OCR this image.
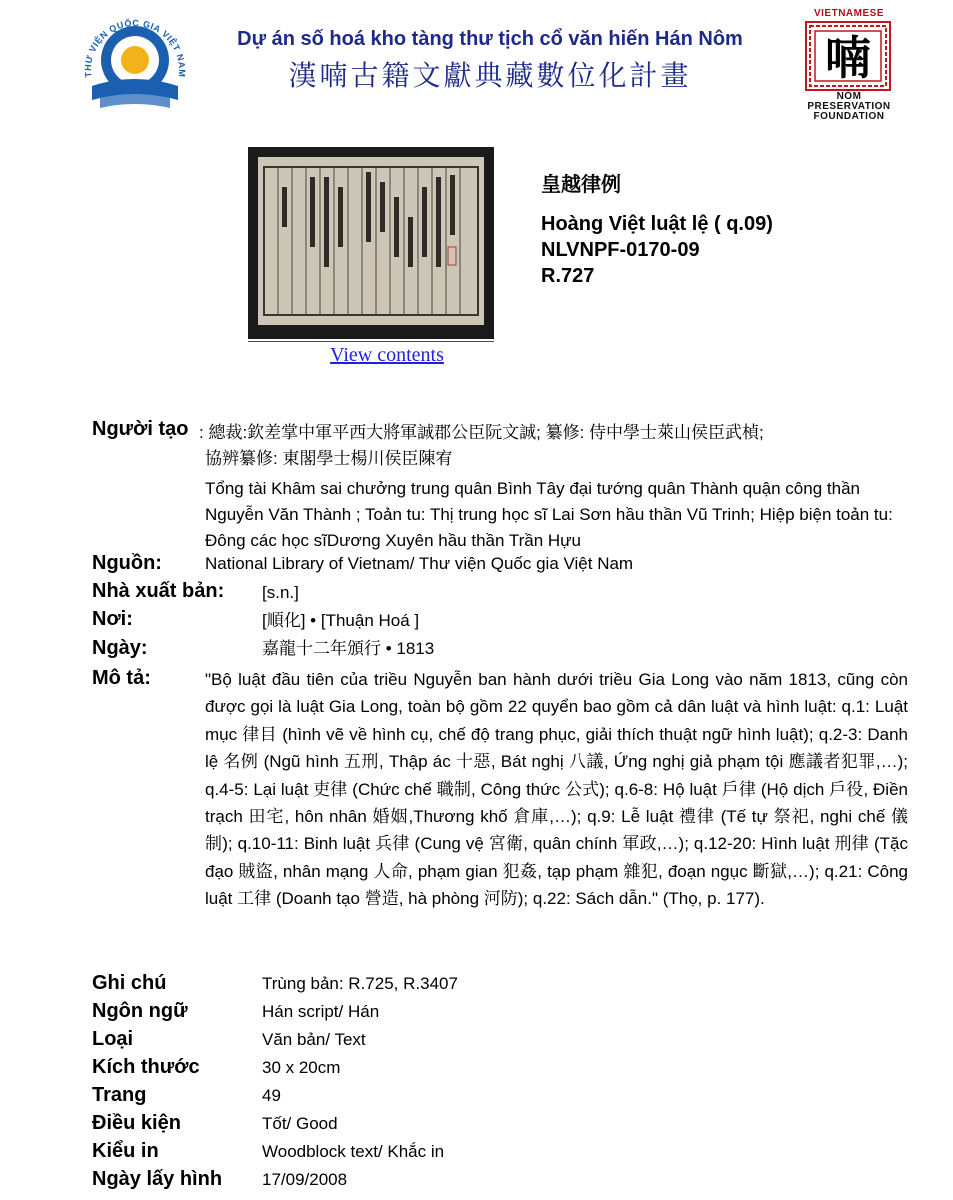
THƯ VIỆN QUỐC GIA VIỆT NAM
Dự án số hoá kho tàng thư tịch cổ văn hiến Hán Nôm
漢喃古籍文獻典藏數位化計畫
VIETNAMESE
喃
NÔM
PRESERVATION
FOUNDATION
View contents
皇越律例
Hoàng Việt luật lệ ( q.09)
NLVNPF-0170-09
R.727
Người tạo : 總裁:欽差掌中軍平西大將軍誠郡公臣阮文誠; 纂修: 侍中學士萊山侯臣武楨;
協辨纂修: 東閣學士楊川侯臣陳宥
Tổng tài Khâm sai chưởng trung quân Bình Tây đại tướng quân Thành quận công thần Nguyễn Văn Thành ; Toản tu: Thị trung học sĩ Lai Sơn hầu thần Vũ Trinh; Hiệp biện toản tu: Đông các học sĩDương Xuyên hầu thần Trần Hựu
Nguồn:	National Library of Vietnam/ Thư viện Quốc gia Việt Nam
Nhà xuất bản: [s.n.]
Nơi:	[順化] • [Thuận Hoá ]
Ngày:	嘉龍十二年頒行 • 1813
Mô tả:	"Bộ luật đầu tiên của triều Nguyễn ban hành dưới triều Gia Long vào năm 1813, cũng còn được gọi là luật Gia Long, toàn bộ gồm 22 quyển bao gồm cả dân luật và hình luật: q.1: Luật mục 律目 (hình vẽ về hình cụ, chế độ trang phục, giải thích thuật ngữ hình luật); q.2-3: Danh lệ 名例 (Ngũ hình 五刑, Thập ác 十惡, Bát nghị 八議, Ứng nghị giả phạm tội 應議者犯罪,…); q.4-5: Lại luật 吏律 (Chức chế 職制, Công thức 公式); q.6-8: Hộ luật 戶律 (Hộ dịch 戶役, Điền trạch 田宅, hôn nhân 婚姻,Thương khố 倉庫,…); q.9: Lễ luật 禮律 (Tế tự 祭祀, nghi chế 儀制); q.10-11: Binh luật 兵律 (Cung vệ 宮衛, quân chính 軍政,…); q.12-20: Hình luật 刑律 (Tặc đạo 賊盜, nhân mạng 人命, phạm gian 犯姦, tạp phạm 雜犯, đoạn ngục 斷獄,…); q.21: Công luật 工律 (Doanh tạo 營造, hà phòng 河防); q.22: Sách dẫn." (Thọ, p. 177).
Ghi chú	Trùng bản: R.725, R.3407
Ngôn ngữ	Hán script/ Hán
Loại	Văn bản/ Text
Kích thước	30 x 20cm
Trang	49
Điều kiện	Tốt/ Good
Kiểu in	Woodblock text/ Khắc in
Ngày lấy hình 17/09/2008
